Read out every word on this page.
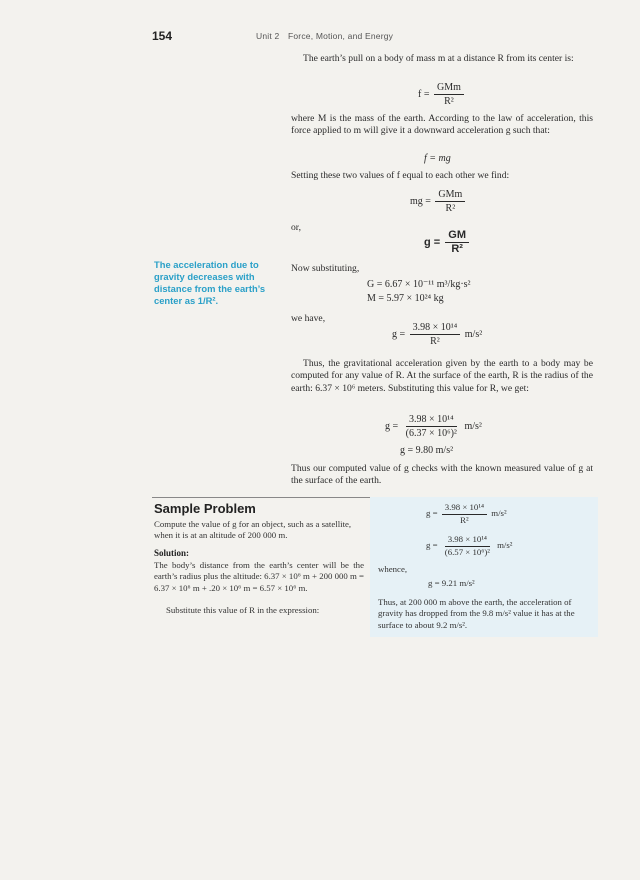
154	Unit 2 Force, Motion, and Energy

The earth’s pull on a body of mass m at a distance R from its center is:

$f = \frac{\text{GMm}}{\text{R²}}$

where M is the mass of the earth. According to the law of acceleration, this force applied to m will give it a downward acceleration g such that:

f = mg

Setting these two values of f equal to each other we find:

mg = $\frac{\text{GMm}}{\text{R²}}$
or,
$g = \frac{GM}{\text{R²}}$
The acceleration due to gravity decreases with distance from the earth’s center as 1/R².
Now substituting,
G = 6.67 × 10⁻¹¹ m³/kg·s²
M = 5.97 × 10²⁴ kg
we have,
$g = \frac{\text{3.98 × 10¹⁴}}{\text{R²}} m/s^2$

Thus, the gravitational acceleration given by the earth to a body may be computed for any value of R. At the surface of the earth, R is the radius of the earth: 6.37 × 10⁶ meters. Substituting this value for R, we get:

$g = \frac{\text{3.98 × 10¹⁴}}{\text{(6.37 × 10⁶)²}} m/s^2$
g = 9.80 m/s²

Thus our computed value of g checks with the known measured value of g at the surface of the earth.

Sample Problem

Compute the value of g for an object, such as a satellite, when it is at an altitude of 200 000 m.

Solution:

The body’s distance from the earth’s center will be the earth’s radius plus the altitude: 6.37 × 10⁶ m + 200 000 m = 6.37 × 10⁶ m + .20 × 10⁶ m = 6.57 × 10⁶ m.

Substitute this value of R in the expression:

$g = \frac{\text{3.98 × 10¹⁴}}{\text{R²}} m/s^2$
$g = \frac{\text{3.98 × 10¹⁴}}{\text{(6.57 × 10⁶)²}} m/s^2$
whence,
g = 9.21 m/s²

Thus, at 200 000 m above the earth, the acceleration of gravity has dropped from the 9.8 m/s² value it has at the surface to about 9.2 m/s².
